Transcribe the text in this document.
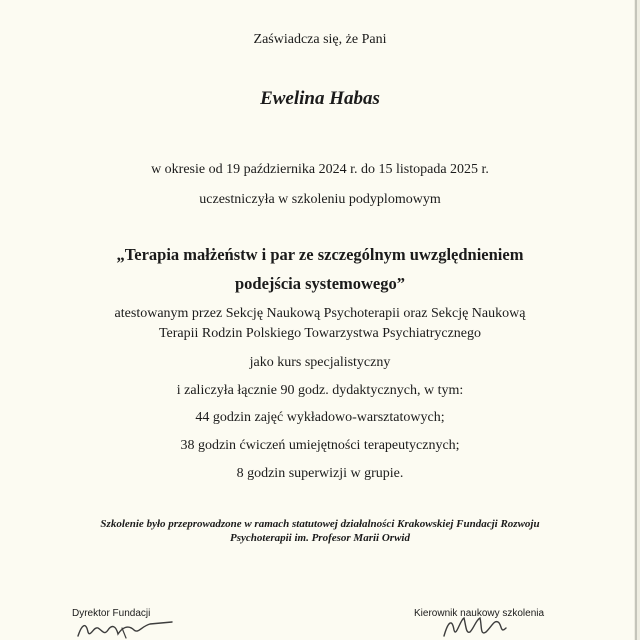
Zaświadcza się, że Pani
Ewelina Habas
w okresie od 19 października 2024 r. do 15 listopada 2025 r.
uczestniczyła w szkoleniu podyplomowym
„Terapia małżeństw i par ze szczególnym uwzględnieniem
podejścia systemowego”
atestowanym przez Sekcję Naukową Psychoterapii oraz Sekcję Naukową
Terapii Rodzin Polskiego Towarzystwa Psychiatrycznego
jako kurs specjalistyczny
i zaliczyła łącznie 90 godz. dydaktycznych, w tym:
44 godzin zajęć wykładowo-warsztatowych;
38 godzin ćwiczeń umiejętności terapeutycznych;
8 godzin superwizji w grupie.
Szkolenie było przeprowadzone w ramach statutowej działalności Krakowskiej Fundacji Rozwoju
Psychoterapii im. Profesor Marii Orwid
Dyrektor Fundacji	Kierownik naukowy szkolenia
